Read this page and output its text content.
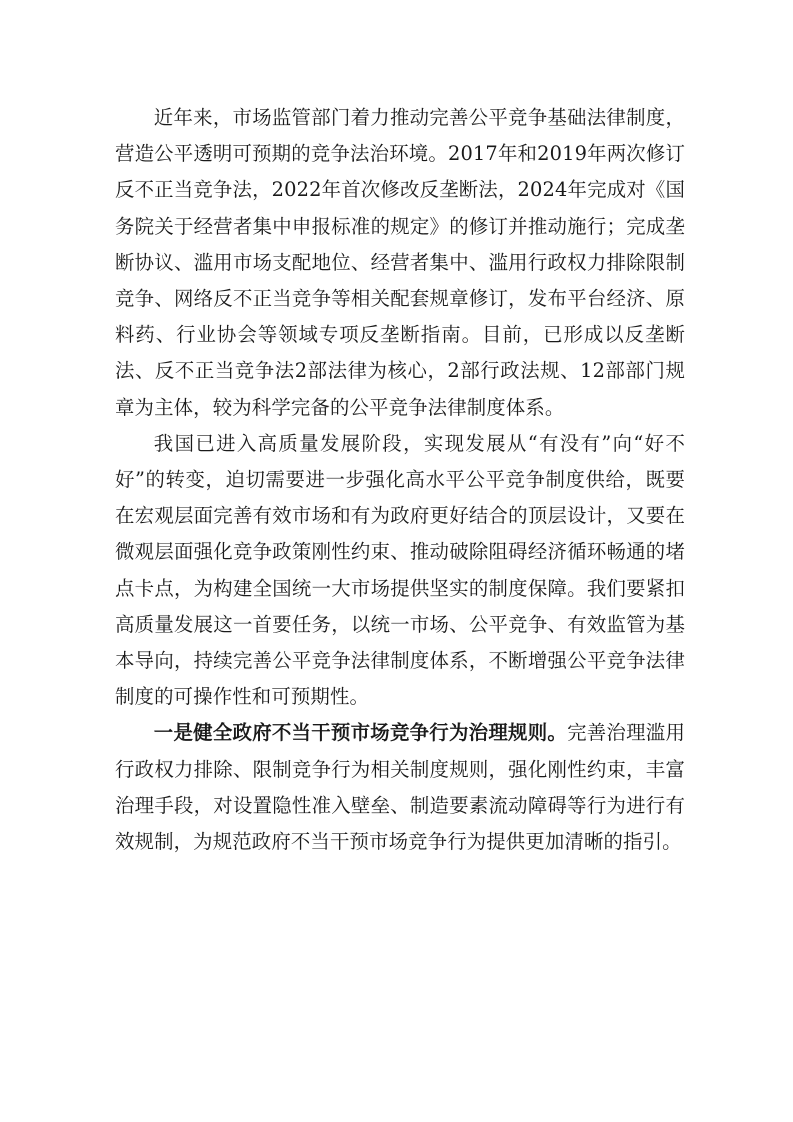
近年来，市场监管部门着力推动完善公平竞争基础法律制度，营造公平透明可预期的竞争法治环境。2017年和2019年两次修订反不正当竞争法，2022年首次修改反垄断法，2024年完成对《国务院关于经营者集中申报标准的规定》的修订并推动施行；完成垄断协议、滥用市场支配地位、经营者集中、滥用行政权力排除限制竞争、网络反不正当竞争等相关配套规章修订，发布平台经济、原料药、行业协会等领域专项反垄断指南。目前，已形成以反垄断法、反不正当竞争法2部法律为核心，2部行政法规、12部部门规章为主体，较为科学完备的公平竞争法律制度体系。

我国已进入高质量发展阶段，实现发展从“有没有”向“好不好”的转变，迫切需要进一步强化高水平公平竞争制度供给，既要在宏观层面完善有效市场和有为政府更好结合的顶层设计，又要在微观层面强化竞争政策刚性约束、推动破除阻碍经济循环畅通的堵点卡点，为构建全国统一大市场提供坚实的制度保障。我们要紧扣高质量发展这一首要任务，以统一市场、公平竞争、有效监管为基本导向，持续完善公平竞争法律制度体系，不断增强公平竞争法律制度的可操作性和可预期性。

一是健全政府不当干预市场竞争行为治理规则。完善治理滥用行政权力排除、限制竞争行为相关制度规则，强化刚性约束，丰富治理手段，对设置隐性准入壁垒、制造要素流动障碍等行为进行有效规制，为规范政府不当干预市场竞争行为提供更加清晰的指引。
